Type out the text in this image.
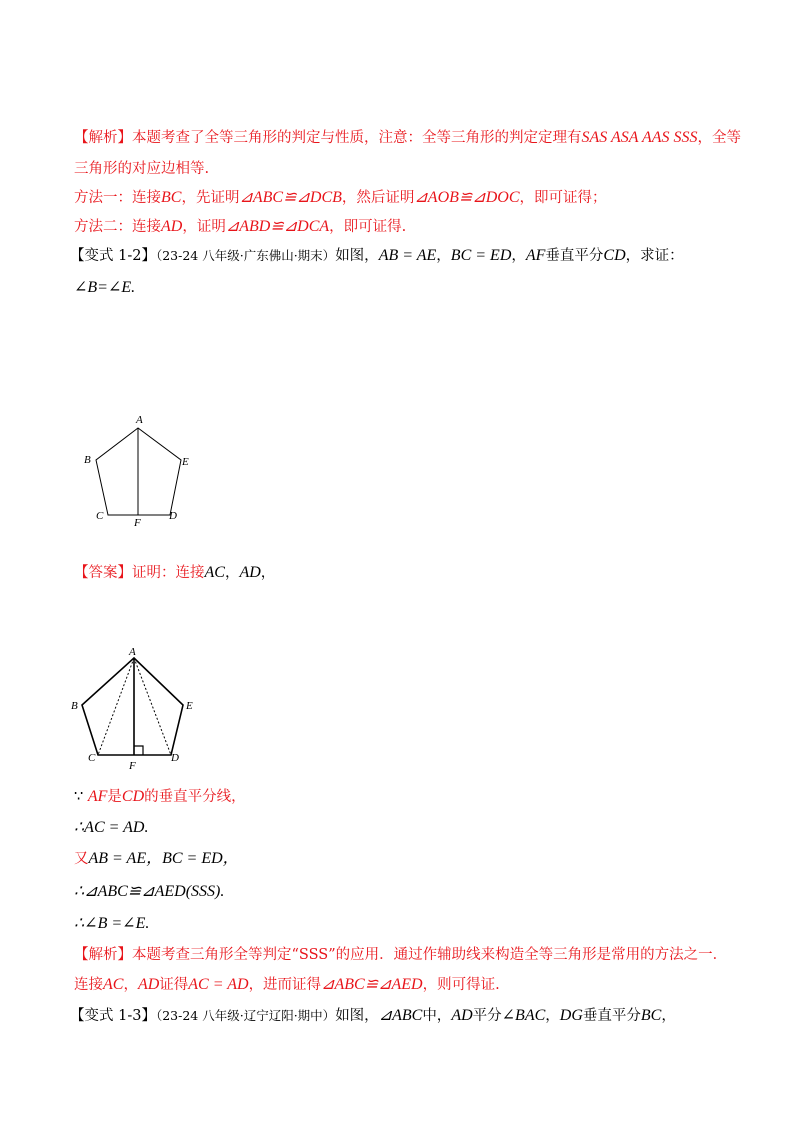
【解析】本题考查了全等三角形的判定与性质，注意：全等三角形的判定定理有SAS ASA AAS SSS，全等
三角形的对应边相等.
方法一：连接BC，先证明⊿ABC≌⊿DCB，然后证明⊿AOB≌⊿DOC，即可证得；
方法二：连接AD，证明⊿ABD≌⊿DCA，即可证得.
【变式 1-2】（23-24 八年级·广东佛山·期末）如图，AB = AE，BC = ED，AF垂直平分CD，求证：
∠B=∠E.
A
B
C	D
E
F
【答案】证明：连接AC，AD，
A
B
C	D
E
F
∵ AF是CD的垂直平分线，
∴AC = AD.
又AB = AE，BC = ED，
∴⊿ABC≌⊿AED(SSS).
∴∠B =∠E.
【解析】本题考查三角形全等判定“SSS”的应用．通过作辅助线来构造全等三角形是常用的方法之一．
连接AC，AD证得AC = AD，进而证得⊿ABC≌⊿AED，则可得证.
【变式 1-3】（23-24 八年级·辽宁辽阳·期中）如图，⊿ABC中，AD平分∠BAC，DG垂直平分BC，
